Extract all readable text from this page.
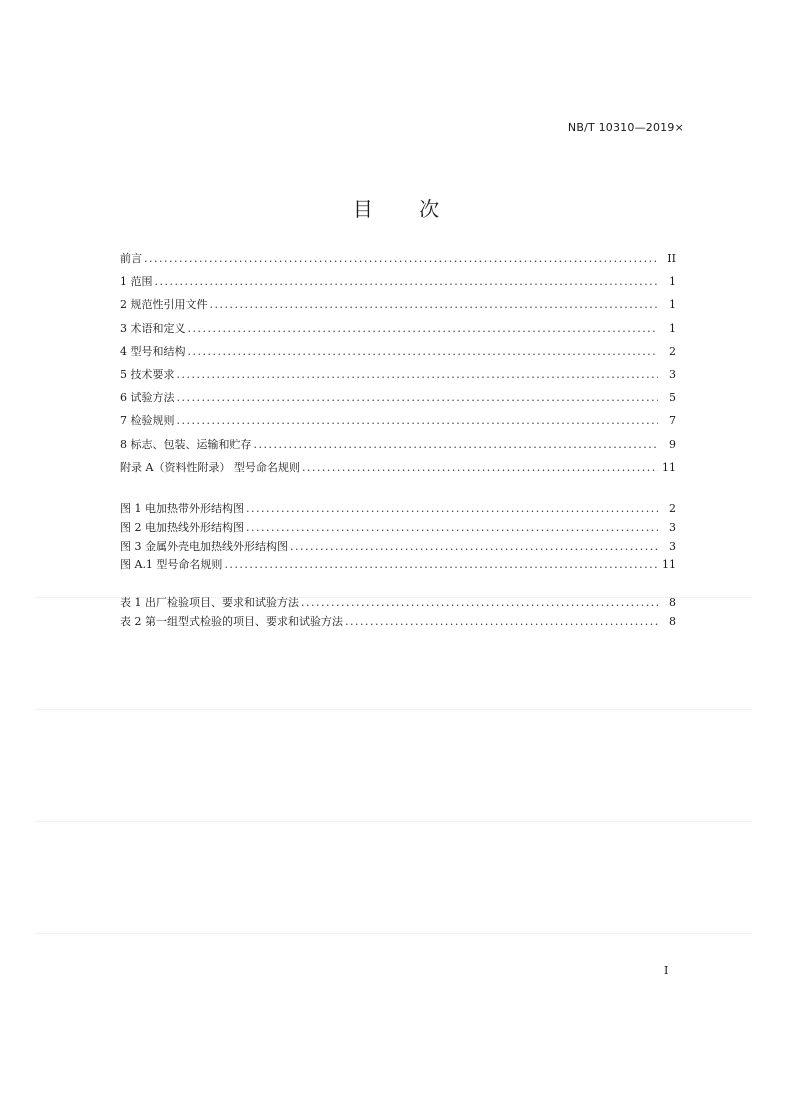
NB/T 10310—2019×
目 次
前言 .....	II
1 范围 .....	1
2 规范性引用文件 .....	1
3 术语和定义 .....	1
4 型号和结构 .....	2
5 技术要求 .....	3
6 试验方法 .....	5
7 检验规则 .....	7
8 标志、包装、运输和贮存 .....	9
附录 A（资料性附录） 型号命名规则 .....	11
图 1 电加热带外形结构图 .....	2
图 2 电加热线外形结构图 .....	3
图 3 金属外壳电加热线外形结构图 .....	3
图 A.1 型号命名规则 .....	11
表 1 出厂检验项目、要求和试验方法 .....	8
表 2 第一组型式检验的项目、要求和试验方法 .....	8
I
